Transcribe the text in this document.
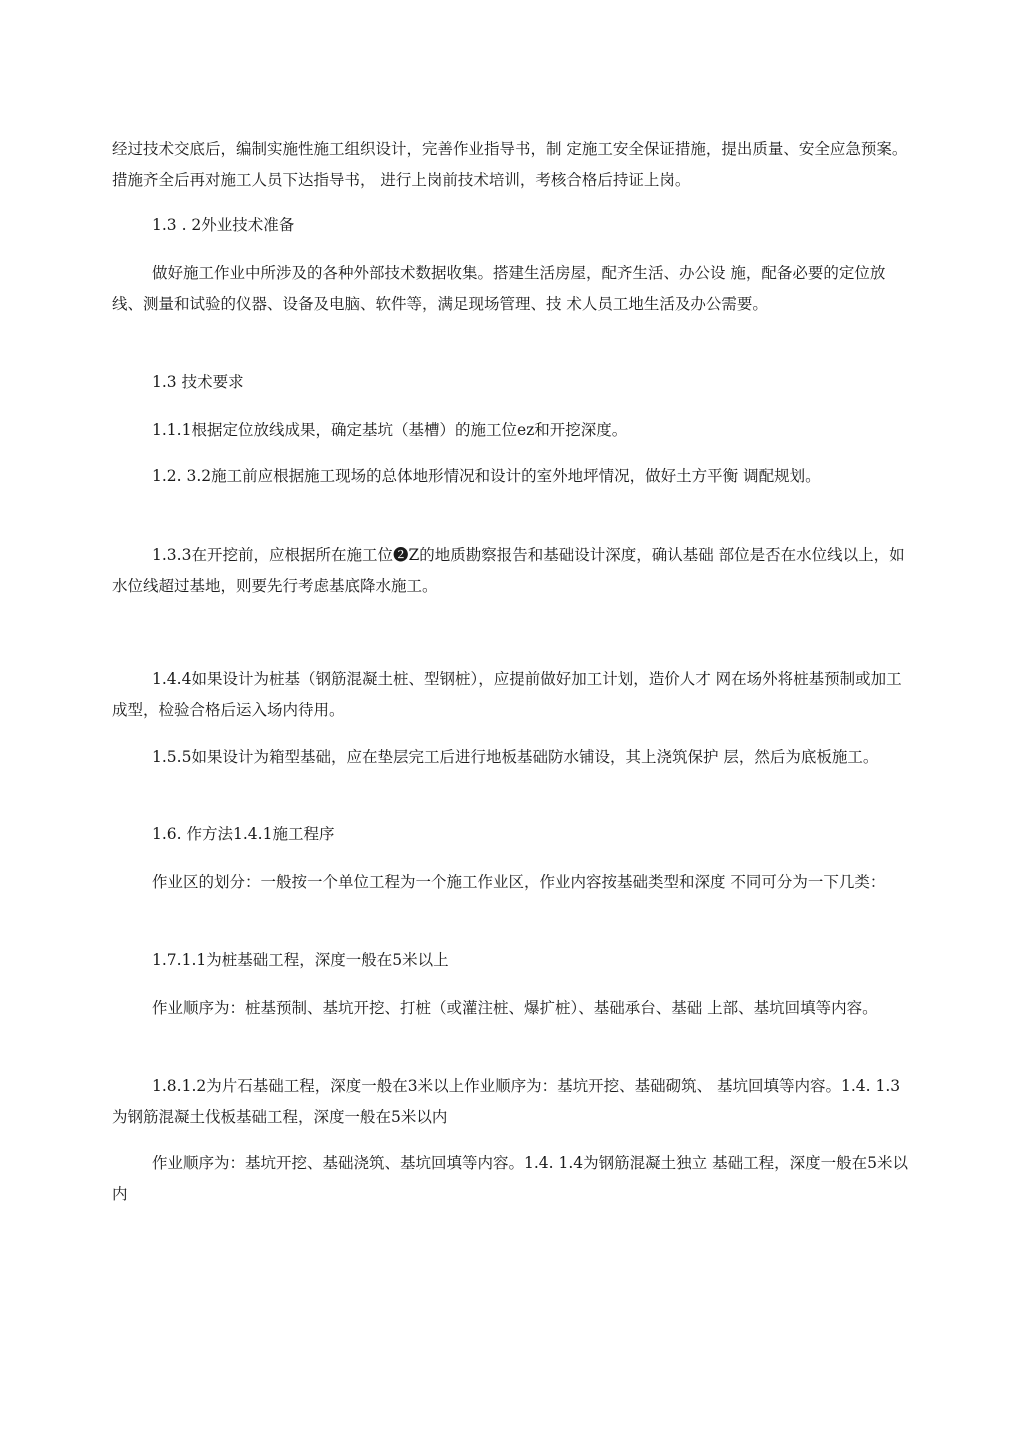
经过技术交底后，编制实施性施工组织设计，完善作业指导书，制 定施工安全保证措施，提出质量、安全应急预案。措施齐全后再对施工人员下达指导书， 进行上岗前技术培训，考核合格后持证上岗。

1.3 . 2外业技术准备

做好施工作业中所涉及的各种外部技术数据收集。搭建生活房屋，配齐生活、办公设 施，配备必要的定位放线、测量和试验的仪器、设备及电脑、软件等，满足现场管理、技 术人员工地生活及办公需要。

1.3 技术要求

1.1.1根据定位放线成果，确定基坑（基槽）的施工位ez和开挖深度。

1.2. 3.2施工前应根据施工现场的总体地形情况和设计的室外地坪情况，做好土方平衡 调配规划。

1.3.3在开挖前，应根据所在施工位❷Z的地质勘察报告和基础设计深度，确认基础 部位是否在水位线以上，如水位线超过基地，则要先行考虑基底降水施工。

1.4.4如果设计为桩基（钢筋混凝土桩、型钢桩），应提前做好加工计划，造价人才 网在场外将桩基预制或加工成型，检验合格后运入场内待用。

1.5.5如果设计为箱型基础，应在垫层完工后进行地板基础防水铺设，其上浇筑保护 层，然后为底板施工。

1.6. 作方法1.4.1施工程序

作业区的划分：一般按一个单位工程为一个施工作业区，作业内容按基础类型和深度 不同可分为一下几类：

1.7.1.1为桩基础工程，深度一般在5米以上

作业顺序为：桩基预制、基坑开挖、打桩（或灌注桩、爆扩桩）、基础承台、基础 上部、基坑回填等内容。

1.8.1.2为片石基础工程，深度一般在3米以上作业顺序为：基坑开挖、基础砌筑、 基坑回填等内容。1.4. 1.3为钢筋混凝土伐板基础工程，深度一般在5米以内

作业顺序为：基坑开挖、基础浇筑、基坑回填等内容。1.4. 1.4为钢筋混凝土独立 基础工程，深度一般在5米以内
